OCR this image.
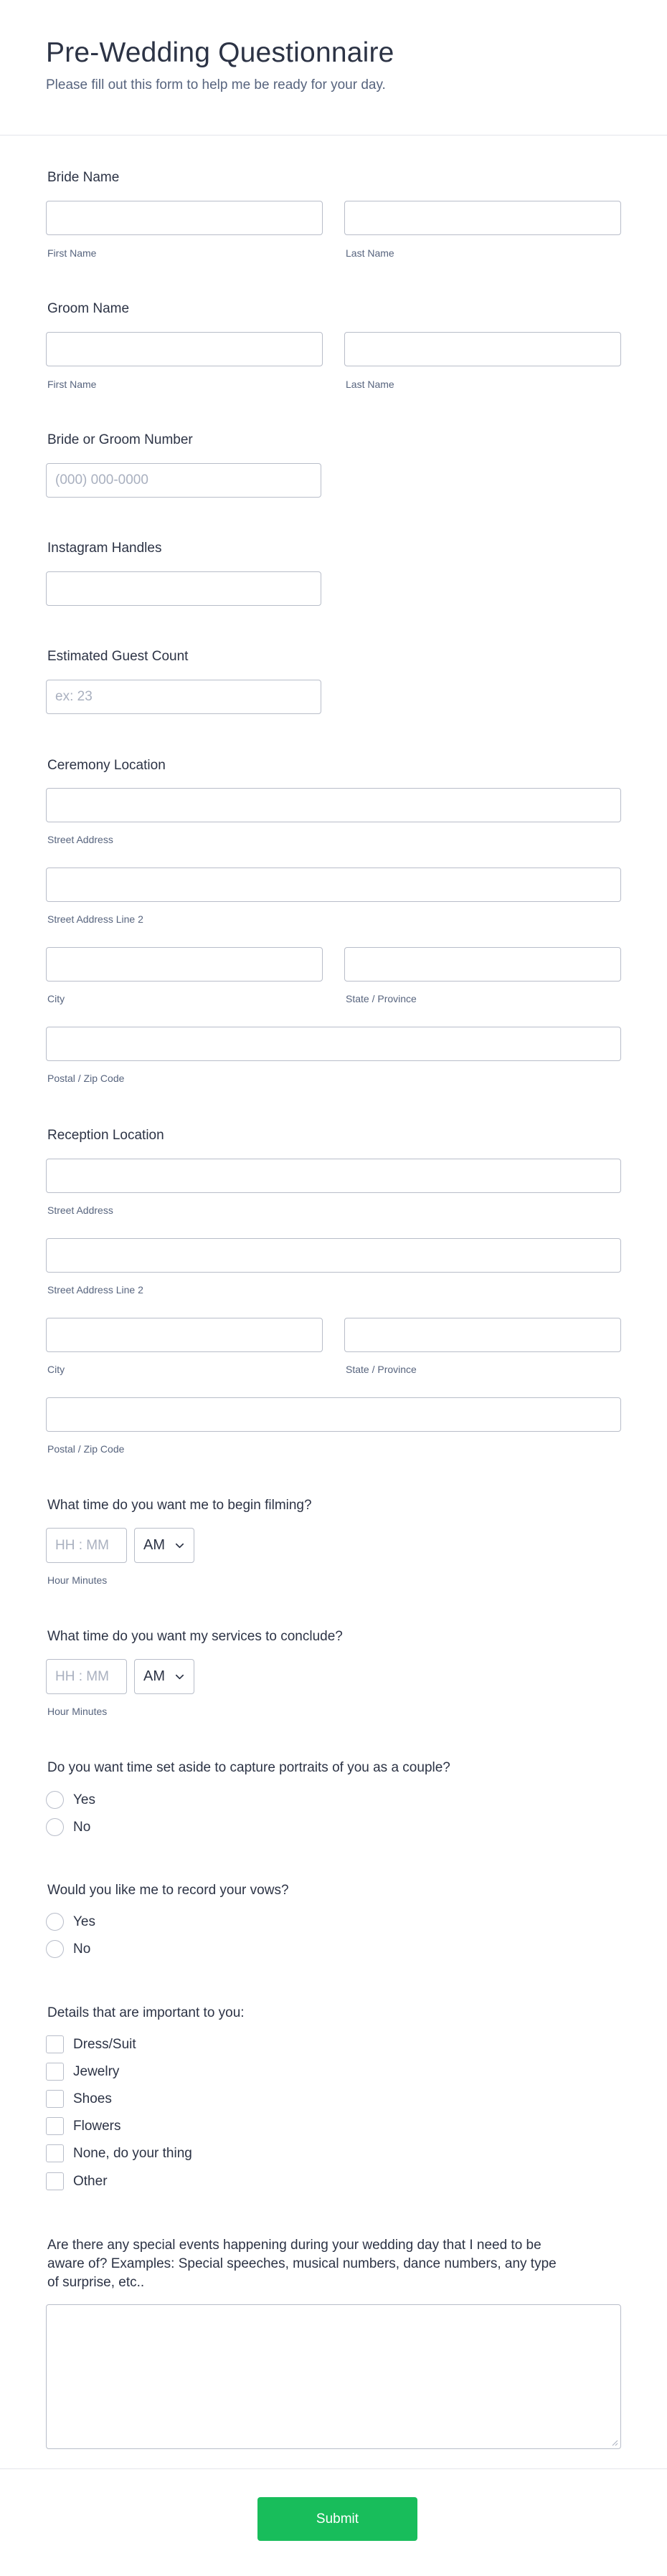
Pre-Wedding Questionnaire
Please fill out this form to help me be ready for your day.
Bride Name
First Name	Last Name
Groom Name
First Name	Last Name
Bride or Groom Number
(000) 000-0000
Instagram Handles
Estimated Guest Count
ex: 23
Ceremony Location
Street Address
Street Address Line 2
City	State / Province
Postal / Zip Code
Reception Location
Street Address
Street Address Line 2
City	State / Province
Postal / Zip Code
What time do you want me to begin filming?
HH : MM
AM
Hour Minutes
What time do you want my services to conclude?
HH : MM
AM
Hour Minutes
Do you want time set aside to capture portraits of you as a couple?
Yes
No
Would you like me to record your vows?
Yes
No
Details that are important to you:
Dress/Suit
Jewelry
Shoes
Flowers
None, do your thing
Other
Are there any special events happening during your wedding day that I need to be
aware of? Examples: Special speeches, musical numbers, dance numbers, any type
of surprise, etc..
Submit
